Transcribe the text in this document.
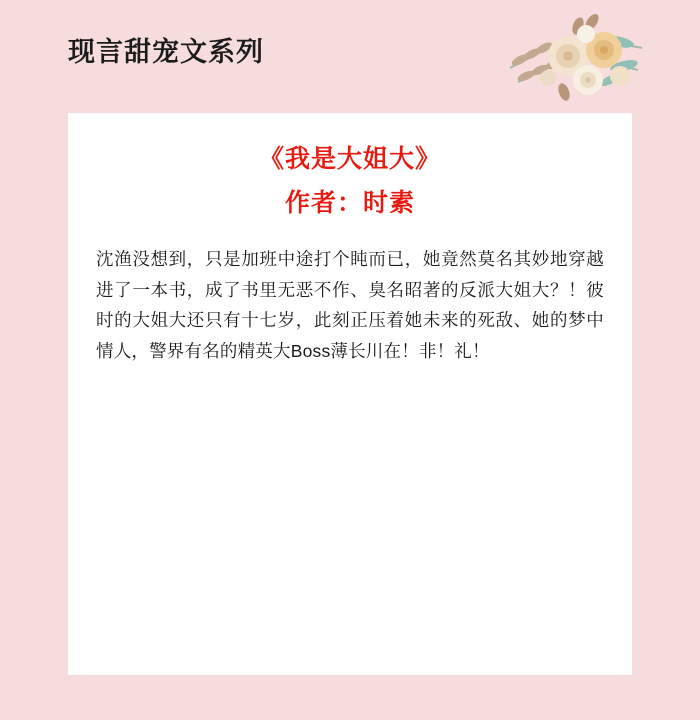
现言甜宠文系列
《我是大姐大》
作者：时素

沈渔没想到，只是加班中途打个盹而已，她竟然莫名其妙地穿越进了一本书，成了书里无恶不作、臭名昭著的反派大姐大？！彼时的大姐大还只有十七岁，此刻正压着她未来的死敌、她的梦中情人，警界有名的精英大Boss薄长川在！非！礼！
